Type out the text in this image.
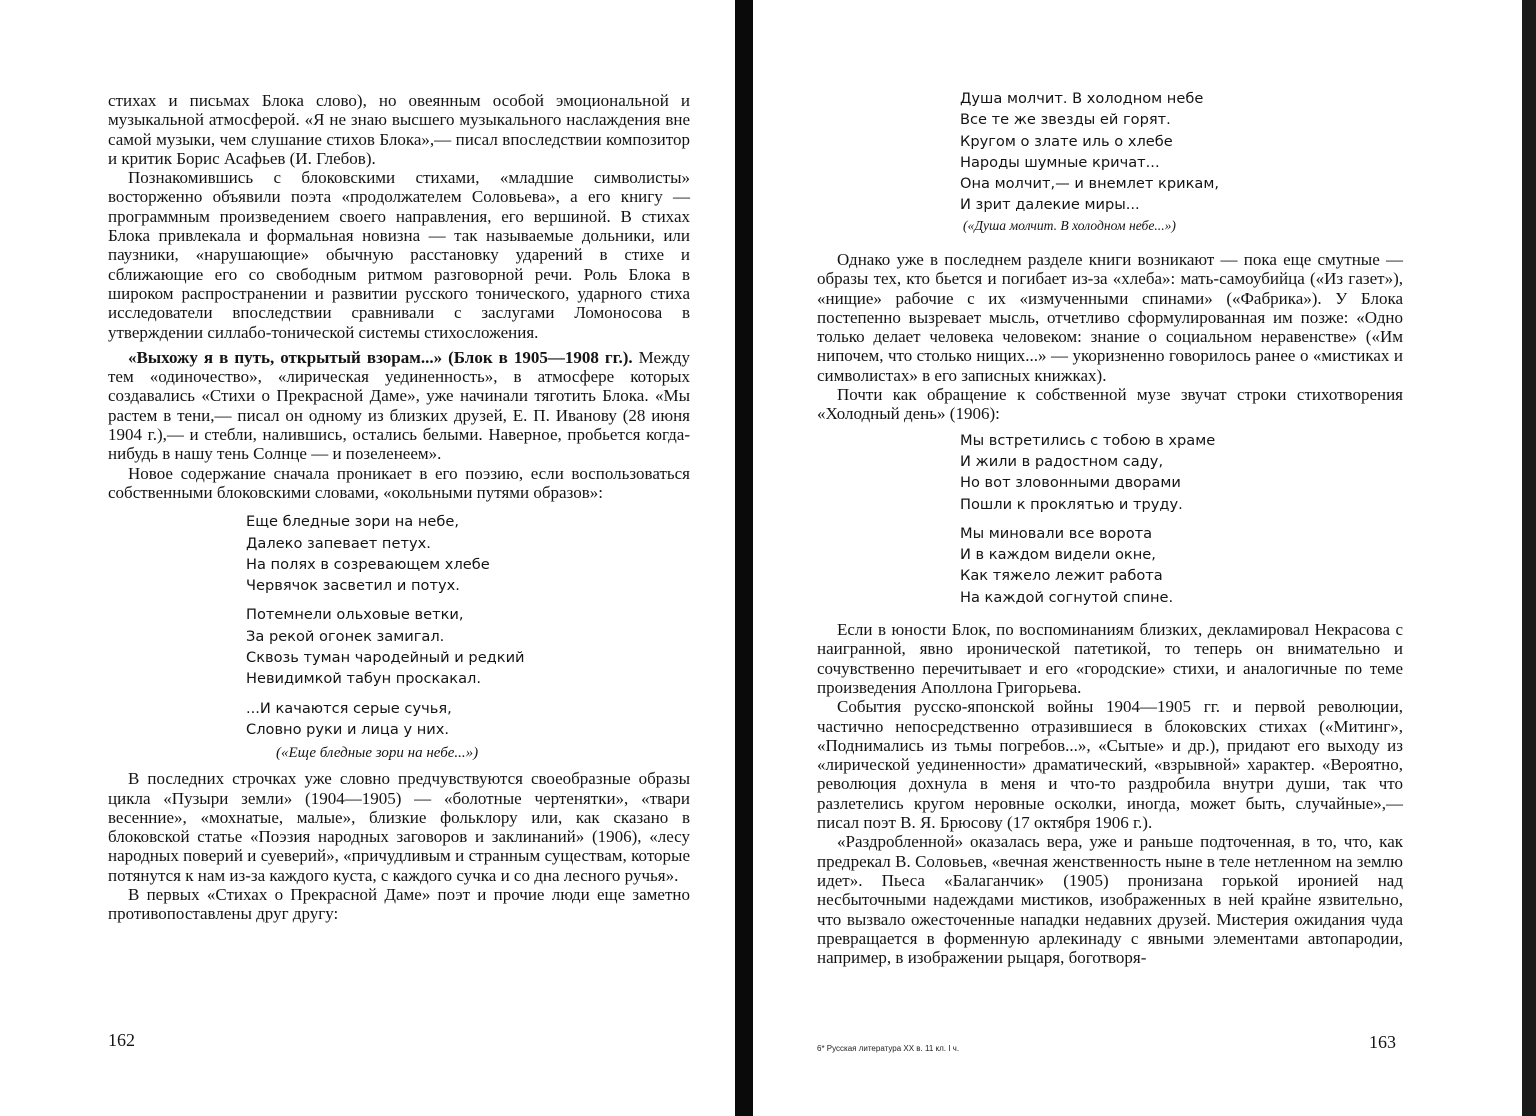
стихах и письмах Блока слово), но овеянным особой эмоциональной и музыкальной атмосферой. «Я не знаю высшего музыкального наслаждения вне самой музыки, чем слушание стихов Блока»,— писал впоследствии композитор и критик Борис Асафьев (И. Глебов).

Познакомившись с блоковскими стихами, «младшие символисты» восторженно объявили поэта «продолжателем Соловьева», а его книгу — программным произведением своего направления, его вершиной. В стихах Блока привлекала и формальная новизна — так называемые дольники, или паузники, «нарушающие» обычную расстановку ударений в стихе и сближающие его со свободным ритмом разговорной речи. Роль Блока в широком распространении и развитии русского тонического, ударного стиха исследователи впоследствии сравнивали с заслугами Ломоносова в утверждении силлабо-тонической системы стихосложения.

«Выхожу я в путь, открытый взорам...» (Блок в 1905—1908 гг.). Между тем «одиночество», «лирическая уединенность», в атмосфере которых создавались «Стихи о Прекрасной Даме», уже начинали тяготить Блока. «Мы растем в тени,— писал он одному из близких друзей, Е. П. Иванову (28 июня 1904 г.),— и стебли, налившись, остались белыми. Наверное, пробьется когда-нибудь в нашу тень Солнце — и позеленеем».

Новое содержание сначала проникает в его поэзию, если воспользоваться собственными блоковскими словами, «окольными путями образов»:

Еще бледные зори на небе,
Далеко запевает петух.
На полях в созревающем хлебе
Червячок засветил и потух.
Потемнели ольховые ветки,
За рекой огонек замигал.
Сквозь туман чародейный и редкий
Невидимкой табун проскакал.
...И качаются серые сучья,
Словно руки и лица у них.
(«Еще бледные зори на небе...»)

В последних строчках уже словно предчувствуются своеобразные образы цикла «Пузыри земли» (1904—1905) — «болотные чертенятки», «твари весенние», «мохнатые, малые», близкие фольклору или, как сказано в блоковской статье «Поэзия народных заговоров и заклинаний» (1906), «лесу народных поверий и суеверий», «причудливым и странным существам, которые потянутся к нам из-за каждого куста, с каждого сучка и со дна лесного ручья».

В первых «Стихах о Прекрасной Даме» поэт и прочие люди еще заметно противопоставлены друг другу:

162
Душа молчит. В холодном небе
Все те же звезды ей горят.
Кругом о злате иль о хлебе
Народы шумные кричат...
Она молчит,— и внемлет крикам,
И зрит далекие миры...
(«Душа молчит. В холодном небе...»)

Однако уже в последнем разделе книги возникают — пока еще смутные — образы тех, кто бьется и погибает из-за «хлеба»: мать-самоубийца («Из газет»), «нищие» рабочие с их «измученными спинами» («Фабрика»). У Блока постепенно вызревает мысль, отчетливо сформулированная им позже: «Одно только делает человека человеком: знание о социальном неравенстве» («Им нипочем, что столько нищих...» — укоризненно говорилось ранее о «мистиках и символистах» в его записных книжках).

Почти как обращение к собственной музе звучат строки стихотворения «Холодный день» (1906):

Мы встретились с тобою в храме
И жили в радостном саду,
Но вот зловонными дворами
Пошли к проклятью и труду.
Мы миновали все ворота
И в каждом видели окне,
Как тяжело лежит работа
На каждой согнутой спине.

Если в юности Блок, по воспоминаниям близких, декламировал Некрасова с наигранной, явно иронической патетикой, то теперь он внимательно и сочувственно перечитывает и его «городские» стихи, и аналогичные по теме произведения Аполлона Григорьева.

События русско-японской войны 1904—1905 гг. и первой революции, частично непосредственно отразившиеся в блоковских стихах («Митинг», «Поднимались из тьмы погребов...», «Сытые» и др.), придают его выходу из «лирической уединенности» драматический, «взрывной» характер. «Вероятно, революция дохнула в меня и что-то раздробила внутри души, так что разлетелись кругом неровные осколки, иногда, может быть, случайные»,— писал поэт В. Я. Брюсову (17 октября 1906 г.).

«Раздробленной» оказалась вера, уже и раньше подточенная, в то, что, как предрекал В. Соловьев, «вечная женственность ныне в теле нетленном на землю идет». Пьеса «Балаганчик» (1905) пронизана горькой иронией над несбыточными надеждами мистиков, изображенных в ней крайне язвительно, что вызвало ожесточенные нападки недавних друзей. Мистерия ожидания чуда превращается в форменную арлекинаду с явными элементами автопародии, например, в изображении рыцаря, боготворя-

6* Русская литература XX в. 11 кл. I ч.	163
